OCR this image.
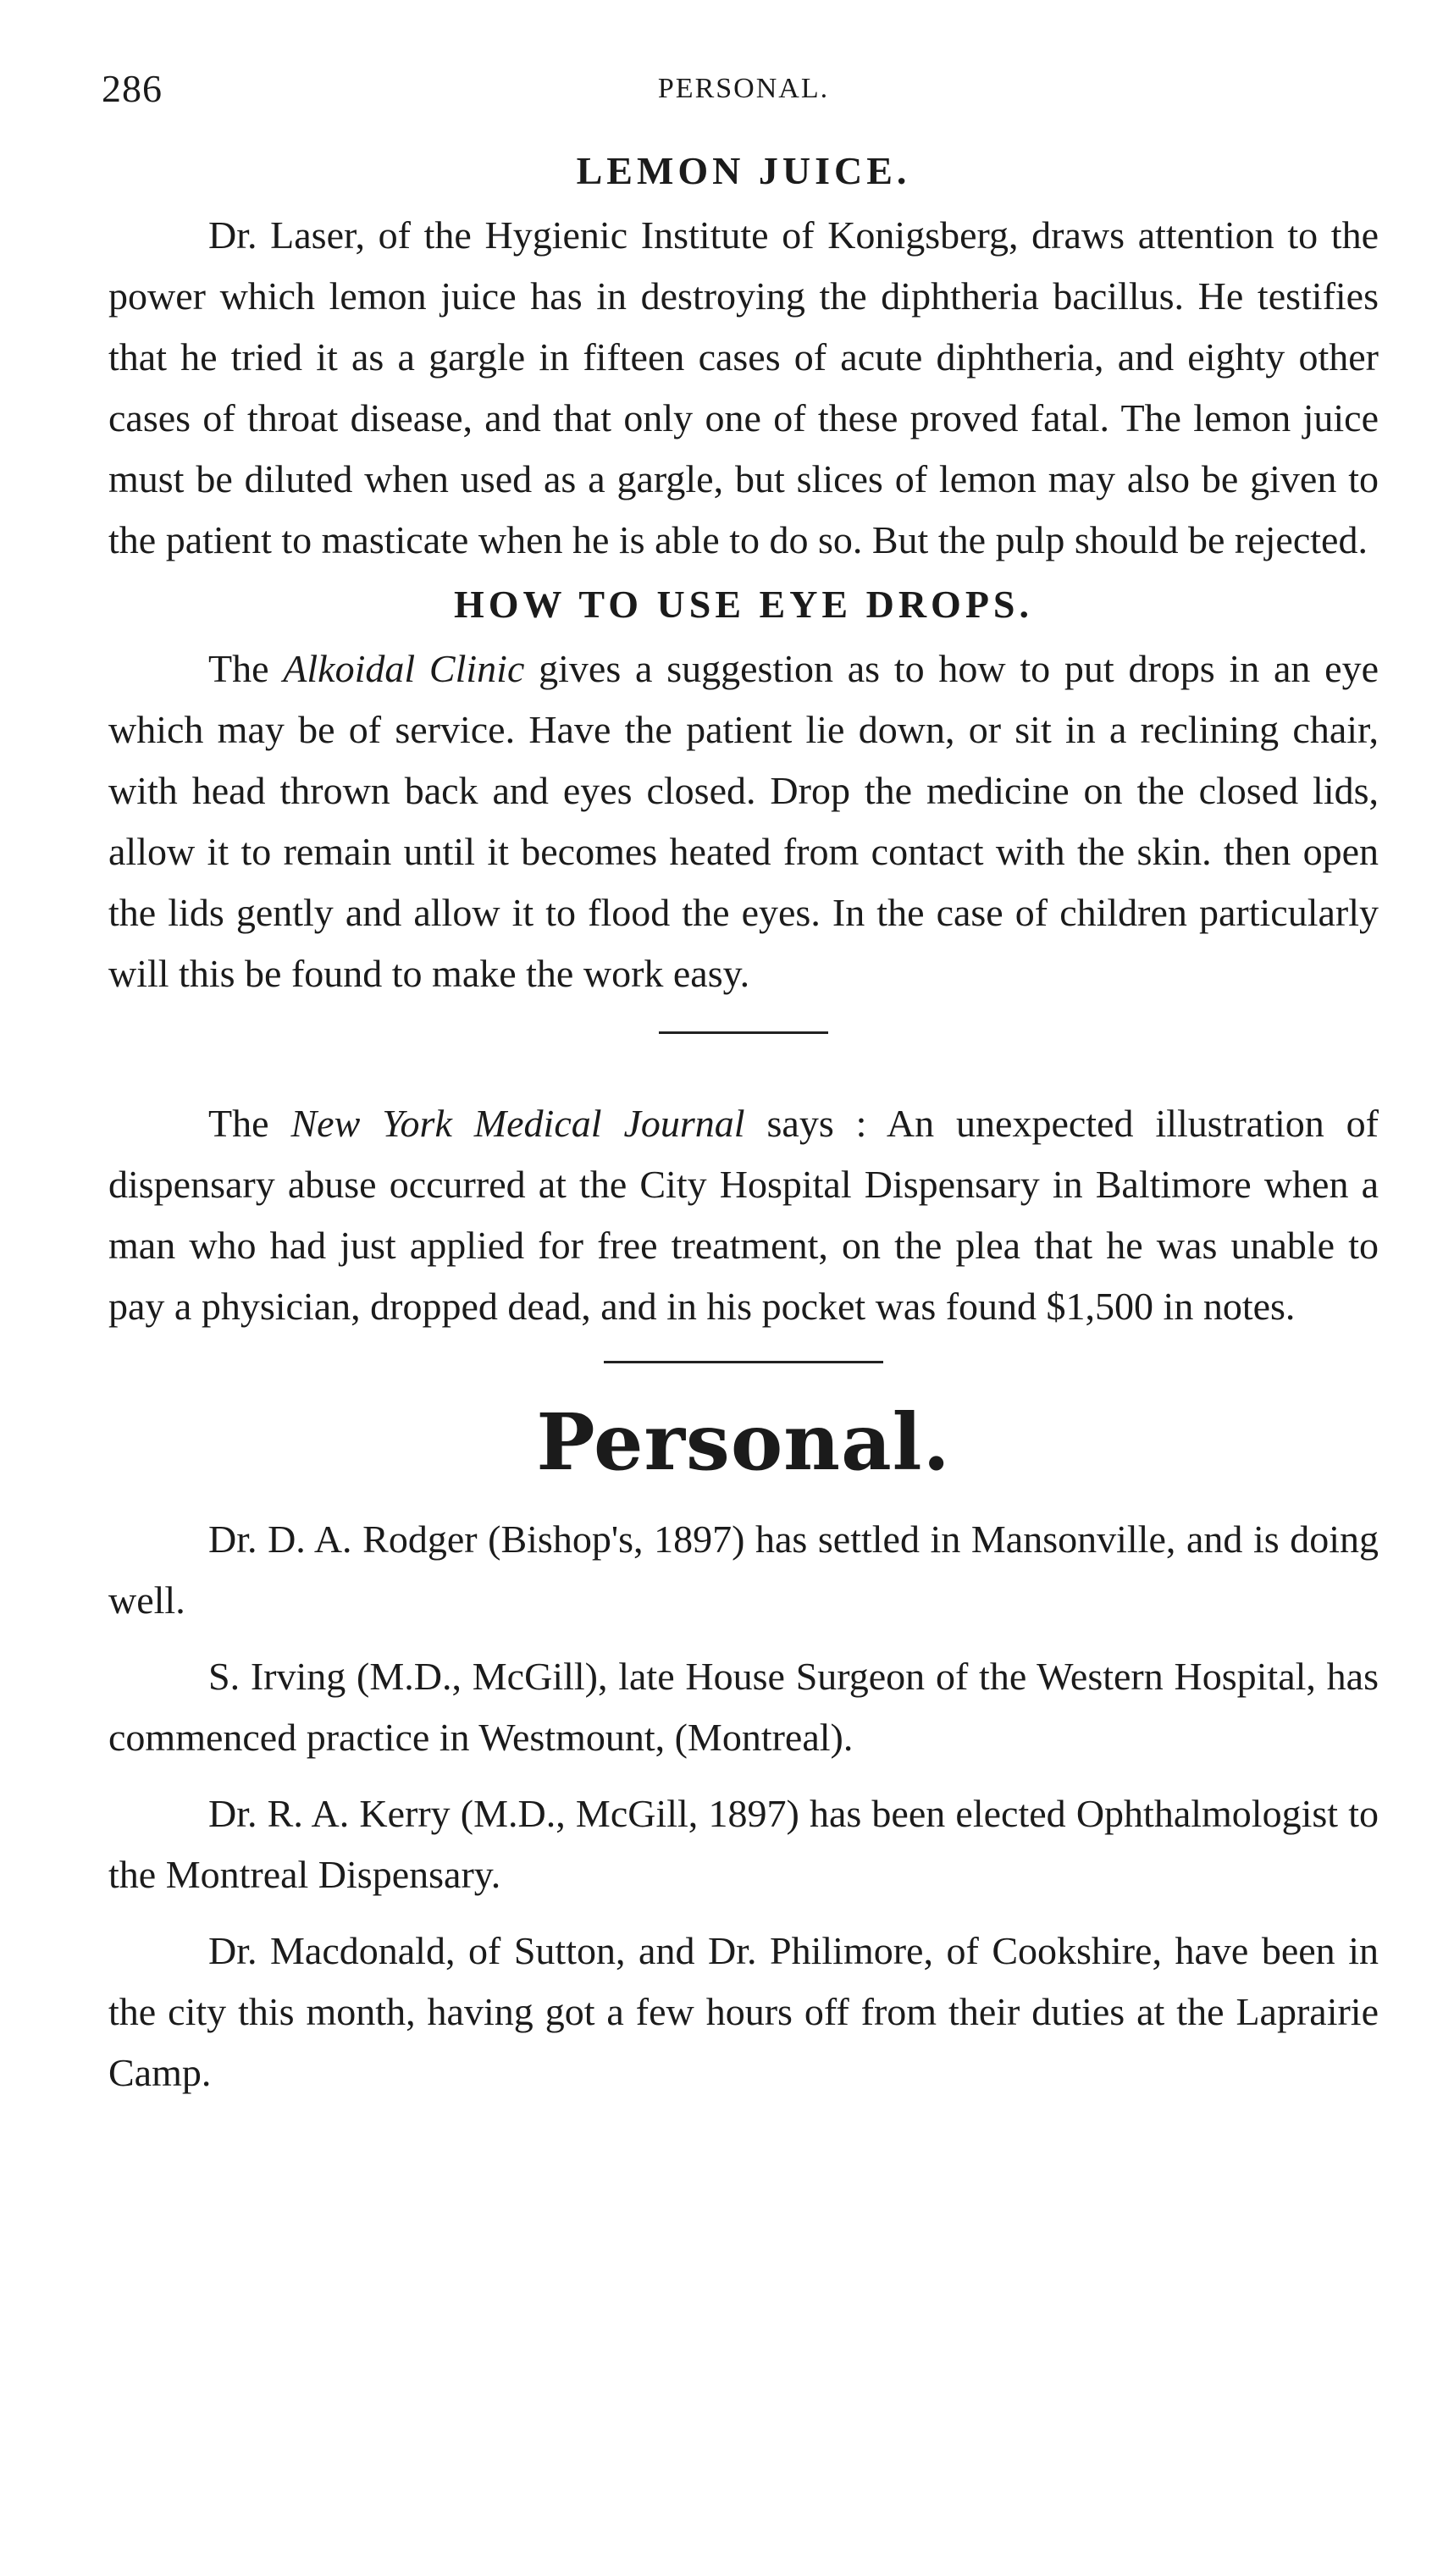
286	PERSONAL.
LEMON JUICE.

Dr. Laser, of the Hygienic Institute of Konigsberg, draws attention to the power which lemon juice has in destroying the diphtheria bacillus. He testifies that he tried it as a gargle in fifteen cases of acute diphtheria, and eighty other cases of throat disease, and that only one of these proved fatal. The lemon juice must be diluted when used as a gargle, but slices of lemon may also be given to the patient to masticate when he is able to do so. But the pulp should be rejected.

HOW TO USE EYE DROPS.

The Alkoidal Clinic gives a suggestion as to how to put drops in an eye which may be of service. Have the patient lie down, or sit in a reclining chair, with head thrown back and eyes closed. Drop the medicine on the closed lids, allow it to remain until it becomes heated from contact with the skin. then open the lids gently and allow it to flood the eyes. In the case of children particularly will this be found to make the work easy.

The New York Medical Journal says : An unexpected illustration of dispensary abuse occurred at the City Hospital Dispensary in Baltimore when a man who had just applied for free treatment, on the plea that he was unable to pay a physician, dropped dead, and in his pocket was found $1,500 in notes.

Personal.

Dr. D. A. Rodger (Bishop's, 1897) has settled in Mansonville, and is doing well.

S. Irving (M.D., McGill), late House Surgeon of the Western Hospital, has commenced practice in Westmount, (Montreal).

Dr. R. A. Kerry (M.D., McGill, 1897) has been elected Ophthalmologist to the Montreal Dispensary.

Dr. Macdonald, of Sutton, and Dr. Philimore, of Cookshire, have been in the city this month, having got a few hours off from their duties at the Laprairie Camp.
